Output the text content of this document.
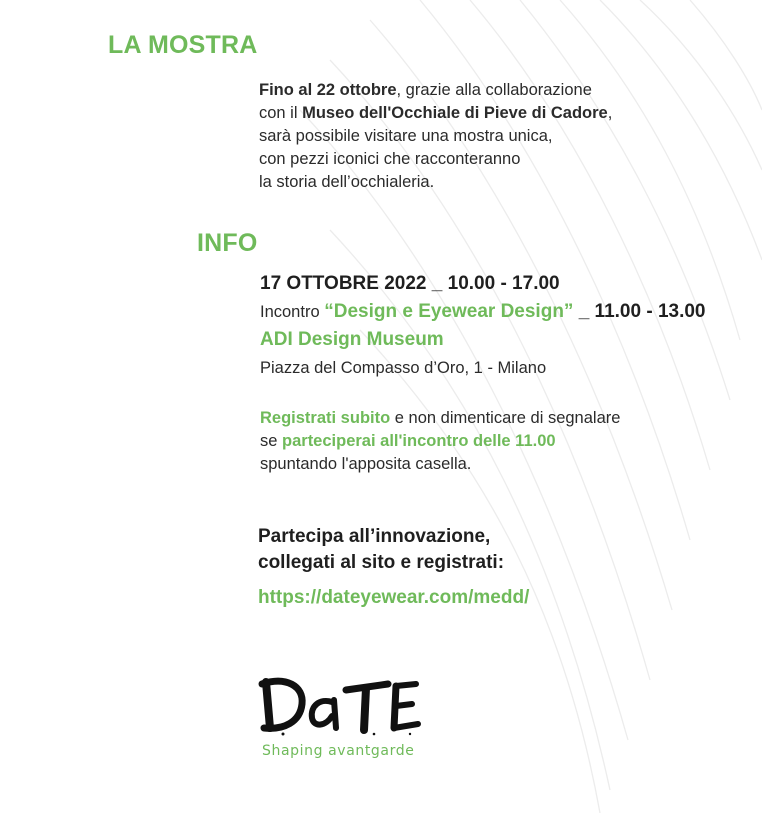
LA MOSTRA
Fino al 22 ottobre, grazie alla collaborazione
con il Museo dell'Occhiale di Pieve di Cadore,
sarà possibile visitare una mostra unica,
con pezzi iconici che racconteranno
la storia dell’occhialeria.
INFO
17 OTTOBRE 2022 _ 10.00 - 17.00
Incontro “Design e Eyewear Design” _ 11.00 - 13.00
ADI Design Museum
Piazza del Compasso d’Oro, 1 - Milano
Registrati subito e non dimenticare di segnalare
se parteciperai all'incontro delle 11.00
spuntando l'apposita casella.
Partecipa all’innovazione,
collegati al sito e registrati:
https://dateyewear.com/medd/
Shaping avantgarde
